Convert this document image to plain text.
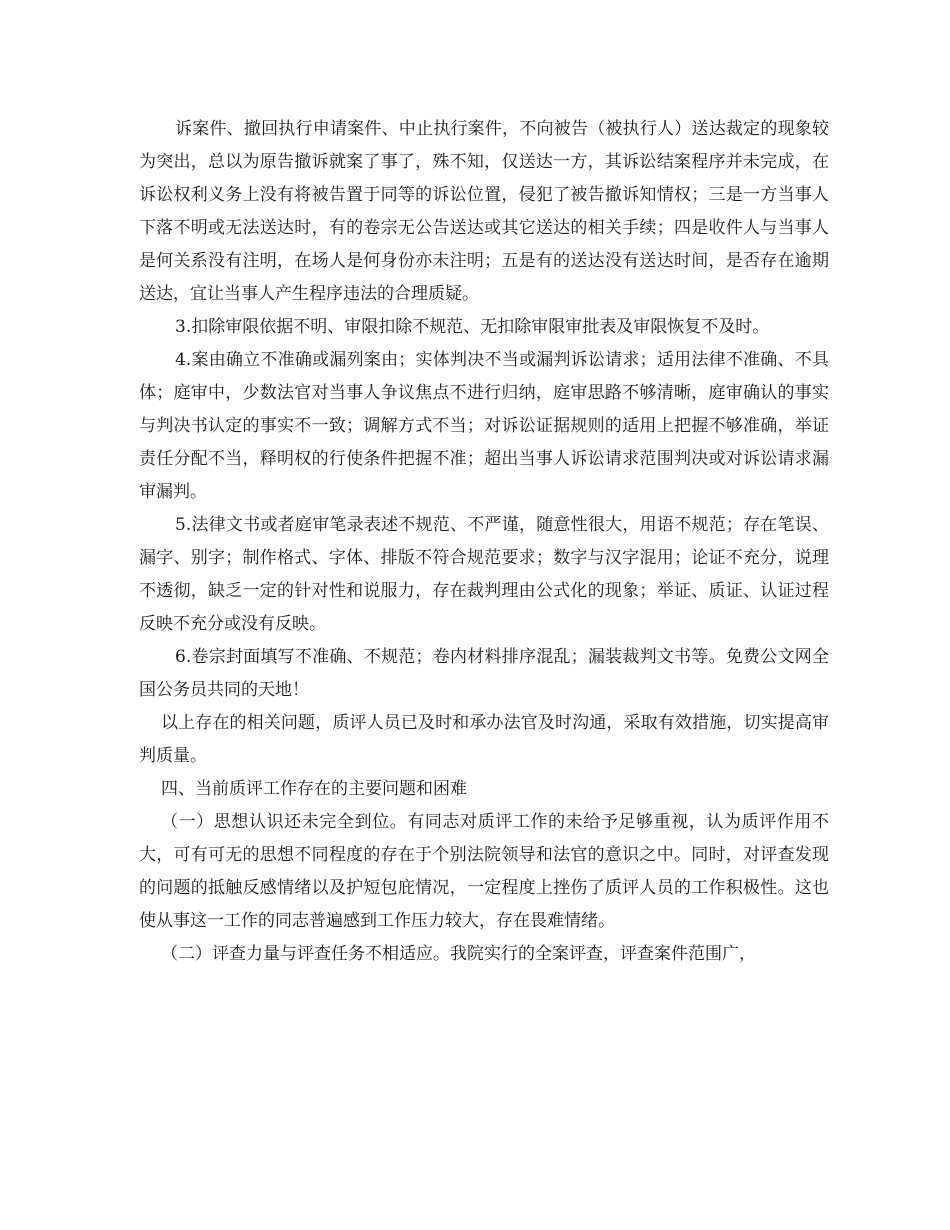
诉案件、撤回执行申请案件、中止执行案件，不向被告（被执行人）送达裁定的现象较为突出，总以为原告撤诉就案了事了，殊不知，仅送达一方，其诉讼结案程序并未完成，在诉讼权利义务上没有将被告置于同等的诉讼位置，侵犯了被告撤诉知情权；三是一方当事人下落不明或无法送达时，有的卷宗无公告送达或其它送达的相关手续；四是收件人与当事人是何关系没有注明，在场人是何身份亦未注明；五是有的送达没有送达时间，是否存在逾期送达，宜让当事人产生程序违法的合理质疑。

3.扣除审限依据不明、审限扣除不规范、无扣除审限审批表及审限恢复不及时。

4.案由确立不准确或漏列案由；实体判决不当或漏判诉讼请求；适用法律不准确、不具体；庭审中，少数法官对当事人争议焦点不进行归纳，庭审思路不够清晰，庭审确认的事实与判决书认定的事实不一致；调解方式不当；对诉讼证据规则的适用上把握不够准确，举证责任分配不当，释明权的行使条件把握不准；超出当事人诉讼请求范围判决或对诉讼请求漏审漏判。

5.法律文书或者庭审笔录表述不规范、不严谨，随意性很大，用语不规范；存在笔误、漏字、别字；制作格式、字体、排版不符合规范要求；数字与汉字混用；论证不充分，说理不透彻，缺乏一定的针对性和说服力，存在裁判理由公式化的现象；举证、质证、认证过程反映不充分或没有反映。

6.卷宗封面填写不准确、不规范；卷内材料排序混乱；漏装裁判文书等。免费公文网全国公务员共同的天地！

以上存在的相关问题，质评人员已及时和承办法官及时沟通，采取有效措施，切实提高审判质量。

四、当前质评工作存在的主要问题和困难

（一）思想认识还未完全到位。有同志对质评工作的未给予足够重视，认为质评作用不大，可有可无的思想不同程度的存在于个别法院领导和法官的意识之中。同时，对评查发现的问题的抵触反感情绪以及护短包庇情况，一定程度上挫伤了质评人员的工作积极性。这也使从事这一工作的同志普遍感到工作压力较大，存在畏难情绪。

（二）评查力量与评查任务不相适应。我院实行的全案评查，评查案件范围广，
